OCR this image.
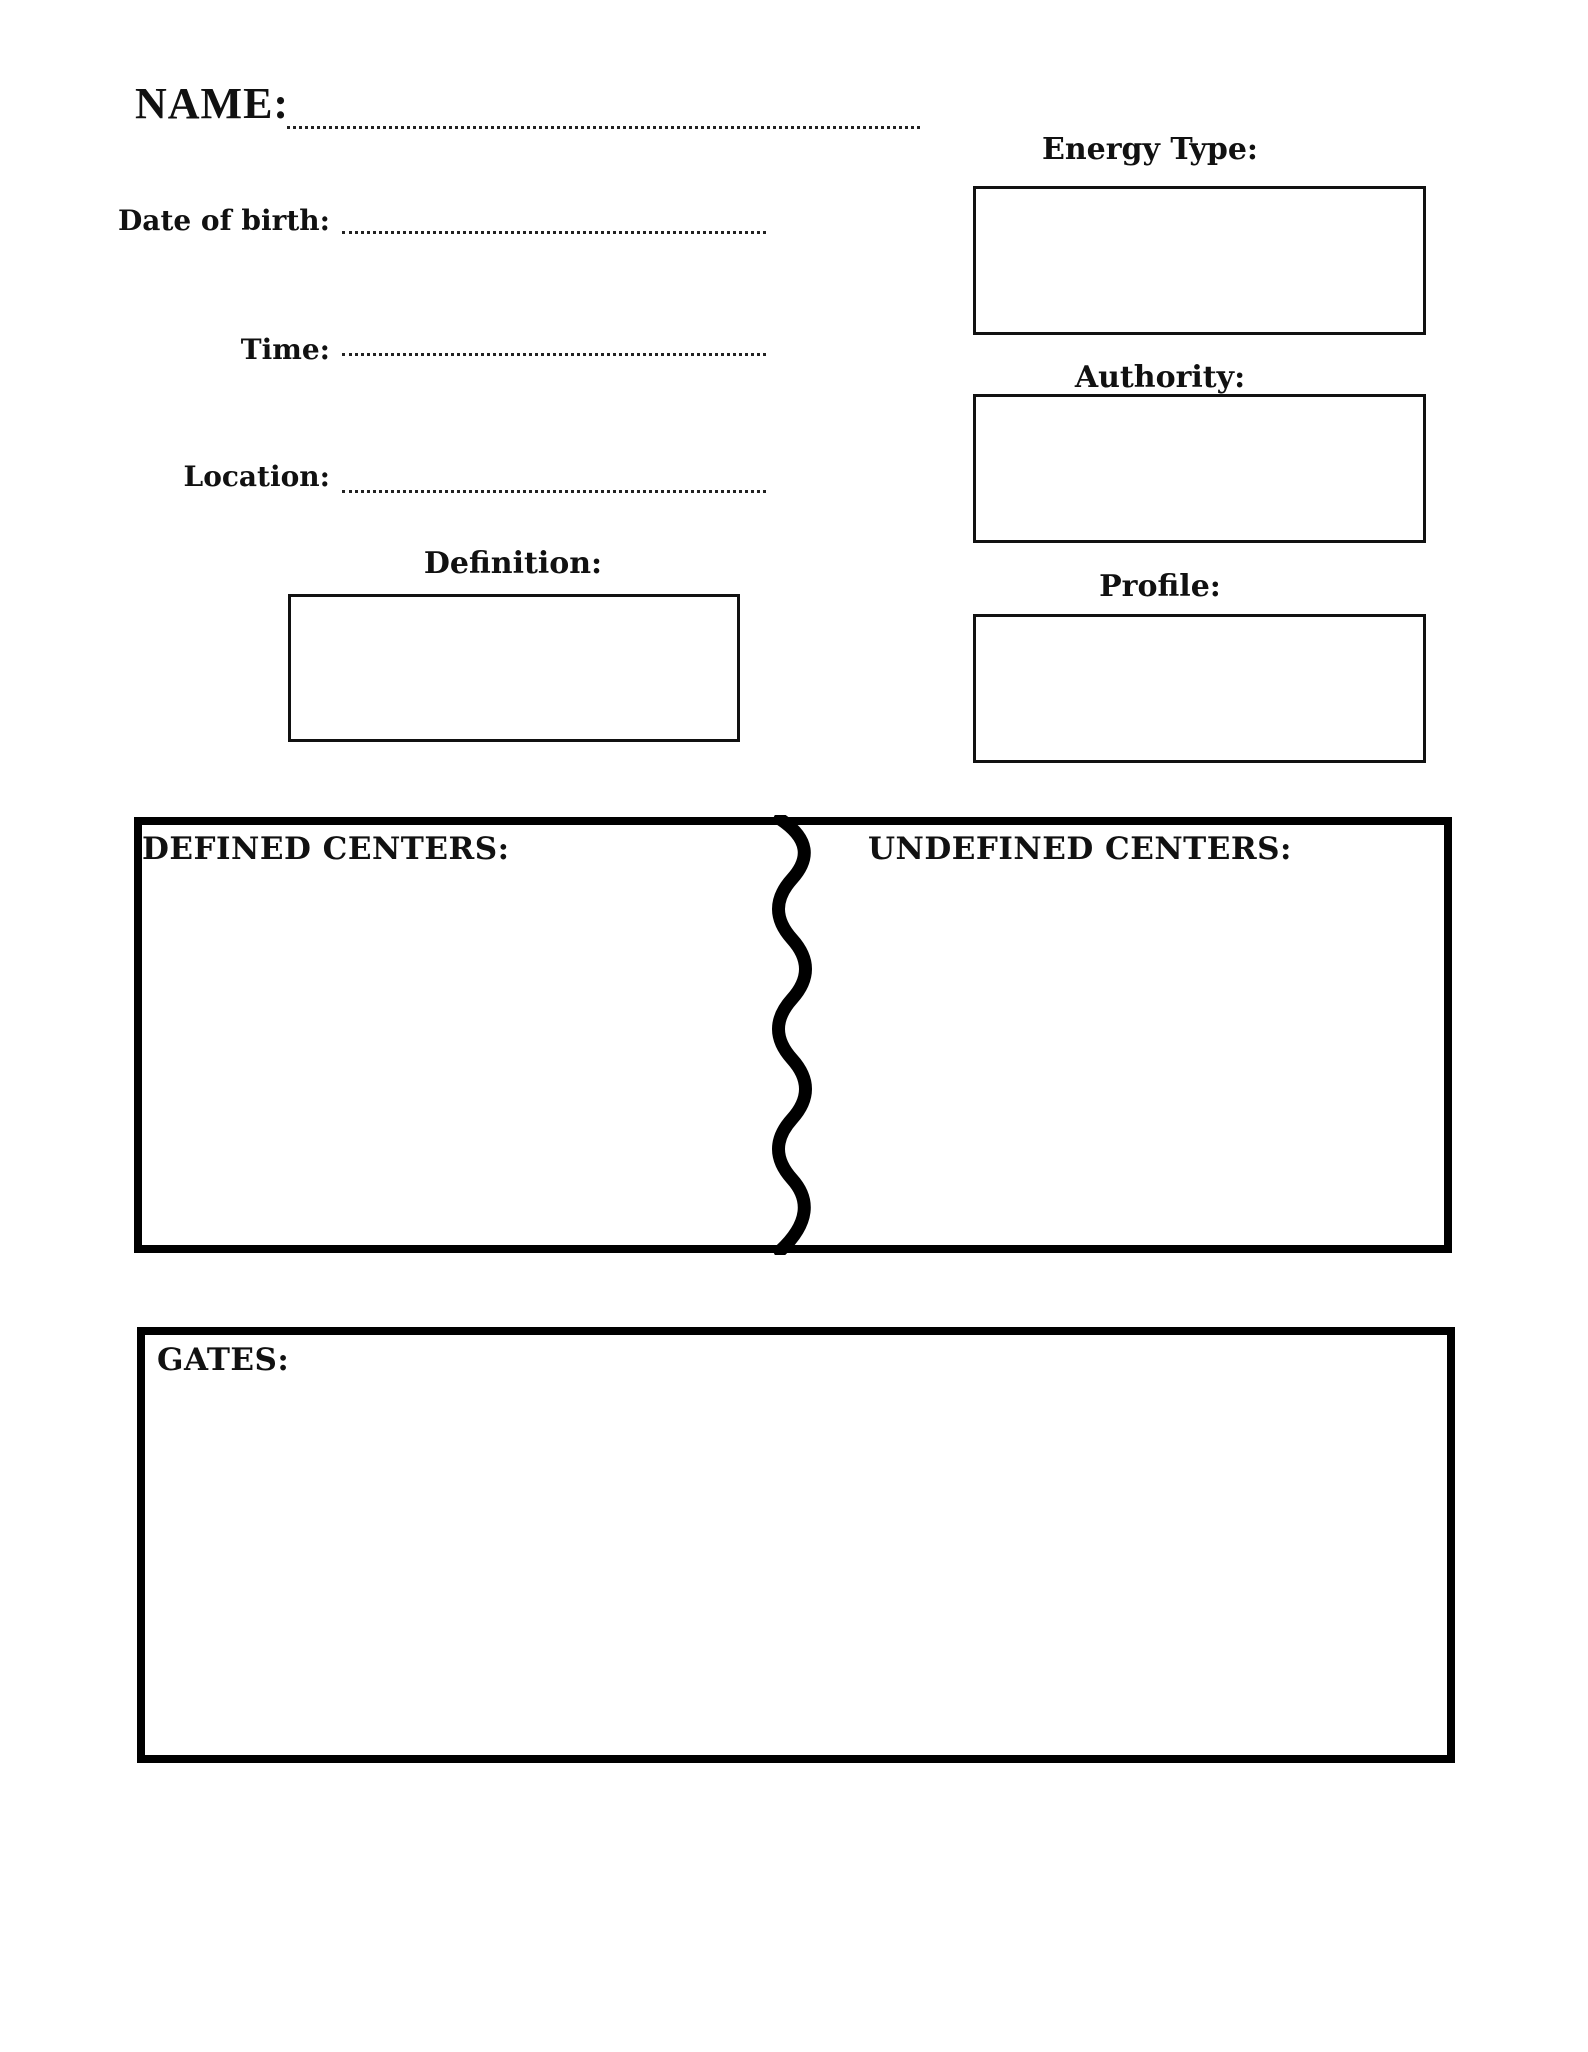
NAME:
Date of birth:
Time:
Location:
Definition:
Energy Type:
Authority:
Profile:
DEFINED CENTERS:	UNDEFINED CENTERS:
GATES:
